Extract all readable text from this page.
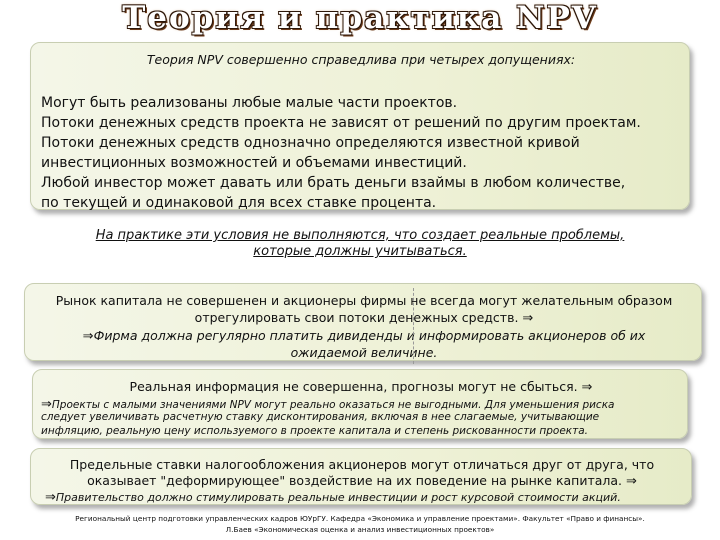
Теория и практика NPV
Теория NPV совершенно справедлива при четырех допущениях:
Могут быть реализованы любые малые части проектов.
Потоки денежных средств проекта не зависят от решений по другим проектам.
Потоки денежных средств однозначно определяются известной кривой
инвестиционных возможностей и объемами инвестиций.
Любой инвестор может давать или брать деньги взаймы в любом количестве,
по текущей и одинаковой для всех ставке процента.
На практике эти условия не выполняются, что создает реальные проблемы,
которые должны учитываться.
Рынок капитала не совершенен и акционеры фирмы не всегда могут желательным образом
отрегулировать свои потоки денежных средств. ⇒
⇒Фирма должна регулярно платить дивиденды и информировать акционеров об их
ожидаемой величине.
Реальная информация не совершенна, прогнозы могут не сбыться. ⇒
⇒Проекты с малыми значениями NPV могут реально оказаться не выгодными. Для уменьшения риска
следует увеличивать расчетную ставку дисконтирования, включая в нее слагаемые, учитывающие
инфляцию, реальную цену используемого в проекте капитала и степень рискованности проекта.
Предельные ставки налогообложения акционеров могут отличаться друг от друга, что
оказывает "деформирующее" воздействие на их поведение на рынке капитала. ⇒
⇒Правительство должно стимулировать реальные инвестиции и рост курсовой стоимости акций.
Региональный центр подготовки управленческих кадров ЮУрГУ. Кафедра «Экономика и управление проектами». Факультет «Право и финансы».
Л.Баев «Экономическая оценка и анализ инвестиционных проектов»
